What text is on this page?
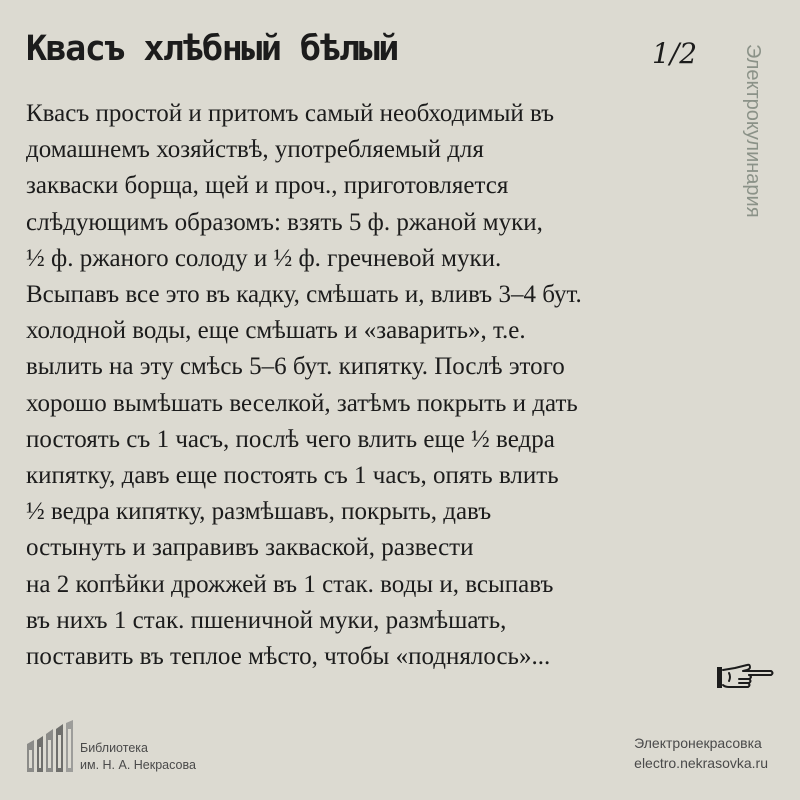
Квасъ хлѣбный бѣлый	1/2	Электрокулинария

Квасъ простой и притомъ самый необходимый въ
домашнемъ хозяйствѣ, употребляемый для
закваски борща, щей и проч., приготовляется
слѣдующимъ образомъ: взять 5 ф. ржаной муки,
½ ф. ржаного солоду и ½ ф. гречневой муки.
Всыпавъ все это въ кадку, смѣшать и, вливъ 3–4 бут.
холодной воды, еще смѣшать и «заварить», т.е.
вылить на эту смѣсь 5–6 бут. кипятку. Послѣ этого
хорошо вымѣшать веселкой, затѣмъ покрыть и дать
постоять съ 1 часъ, послѣ чего влить еще ½ ведра
кипятку, давъ еще постоять съ 1 часъ, опять влить
½ ведра кипятку, размѣшавъ, покрыть, давъ
остынуть и заправивъ закваской, развести
на 2 копѣйки дрожжей въ 1 стак. воды и, всыпавъ
въ нихъ 1 стак. пшеничной муки, размѣшать,
поставить въ теплое мѣсто, чтобы «поднялось»...

Библиотека
им. Н. А. Некрасова
Электронекрасовка
electro.nekrasovka.ru
